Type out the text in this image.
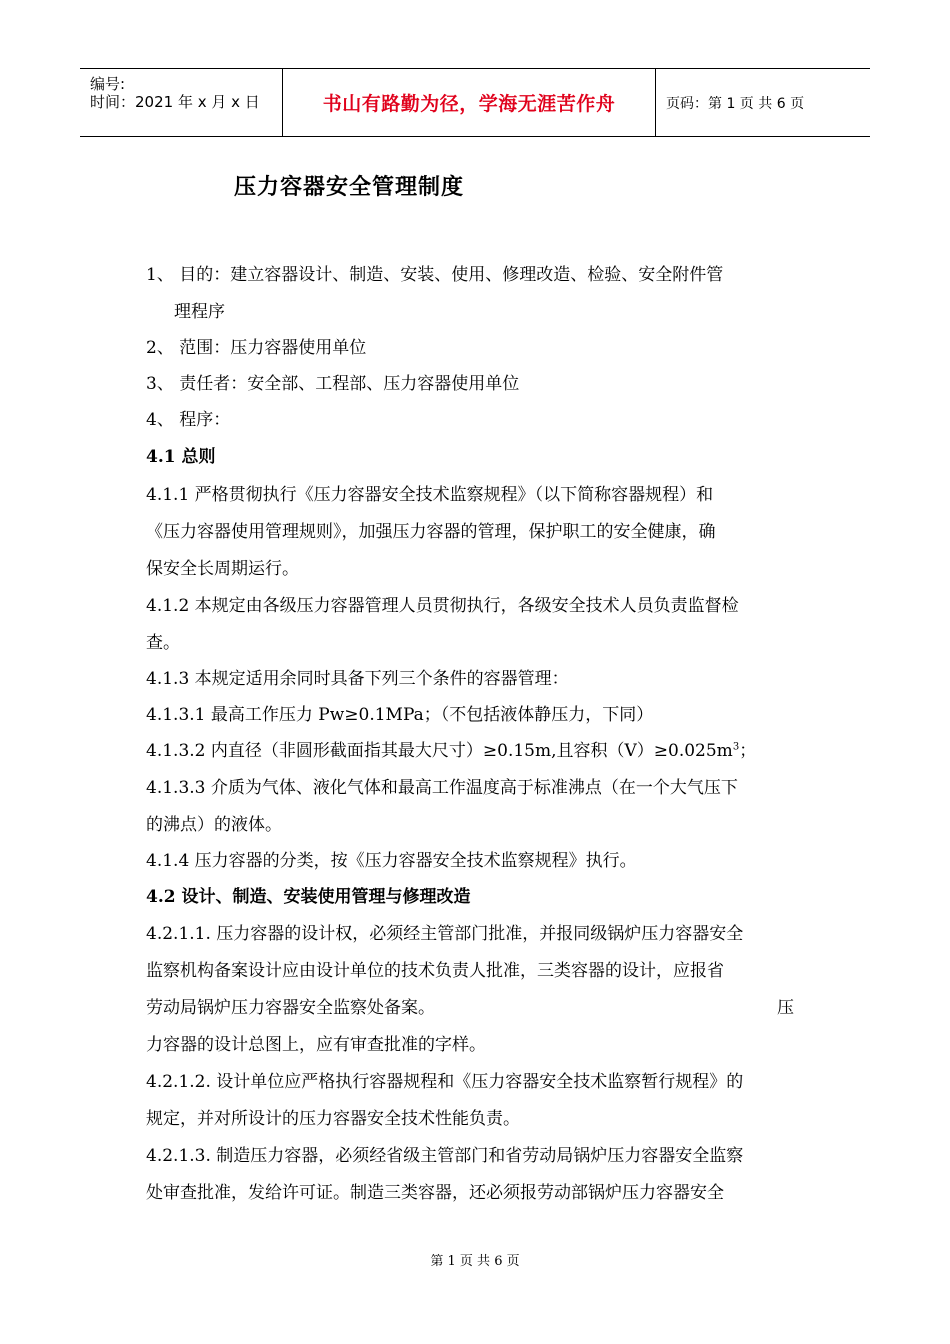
编号:
时间：2021 年 x 月 x 日	书山有路勤为径，学海无涯苦作舟	页码：第 1 页 共 6 页
压力容器安全管理制度
1、 目的：建立容器设计、制造、安装、使用、修理改造、检验、安全附件管
理程序
2、 范围：压力容器使用单位
3、 责任者：安全部、工程部、压力容器使用单位
4、 程序：
4.1 总则
4.1.1 严格贯彻执行《压力容器安全技术监察规程》（以下简称容器规程）和
《压力容器使用管理规则》，加强压力容器的管理，保护职工的安全健康，确
保安全长周期运行。
4.1.2 本规定由各级压力容器管理人员贯彻执行，各级安全技术人员负责监督检
查。
4.1.3 本规定适用余同时具备下列三个条件的容器管理：
4.1.3.1 最高工作压力 Pw≥0.1MPa；（不包括液体静压力，下同）
4.1.3.2 内直径（非圆形截面指其最大尺寸）≥0.15m,且容积$(V)\ge 0.025m^3$；
4.1.3.3 介质为气体、液化气体和最高工作温度高于标准沸点（在一个大气压下
的沸点）的液体。
4.1.4 压力容器的分类，按《压力容器安全技术监察规程》执行。
4.2 设计、制造、安装使用管理与修理改造
4.2.1.1. 压力容器的设计权，必须经主管部门批准，并报同级锅炉压力容器安全
监察机构备案设计应由设计单位的技术负责人批准，三类容器的设计，应报省
劳动局锅炉压力容器安全监察处备案。	压
力容器的设计总图上，应有审查批准的字样。
4.2.1.2. 设计单位应严格执行容器规程和《压力容器安全技术监察暂行规程》的
规定，并对所设计的压力容器安全技术性能负责。
4.2.1.3. 制造压力容器，必须经省级主管部门和省劳动局锅炉压力容器安全监察
处审查批准，发给许可证。制造三类容器，还必须报劳动部锅炉压力容器安全
第 1 页 共 6 页
